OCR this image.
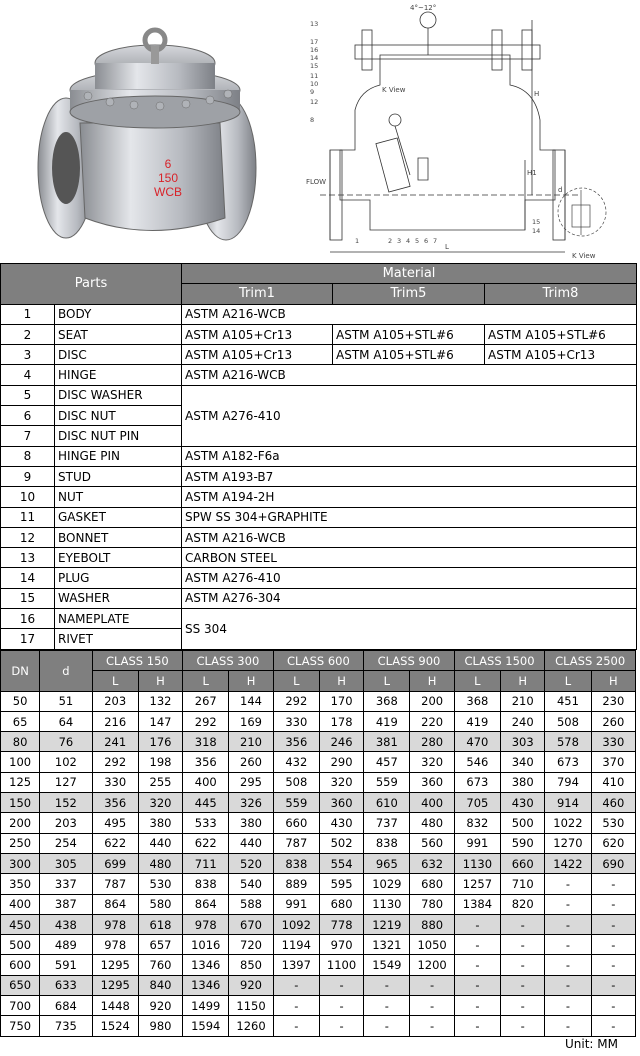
6
150
WCB
4°~12°
K View
FLOW
L
H
H1
d
K View
13
17
16
14
15
11
10
9
12
8
1	2 3 4 5 6 7
15
14
Parts		Material		
		Trim1	Trim5	Trim8
1	BODY	ASTM A216-WCB		
2	SEAT	ASTM A105+Cr13	ASTM A105+STL#6	ASTM A105+STL#6
3	DISC	ASTM A105+Cr13	ASTM A105+STL#6	ASTM A105+Cr13
4	HINGE	ASTM A216-WCB		
5	DISC WASHER	ASTM A276-410		
6	DISC NUT			
7	DISC NUT PIN			
8	HINGE PIN	ASTM A182-F6a		
9	STUD	ASTM A193-B7		
10	NUT	ASTM A194-2H		
11	GASKET	SPW SS 304+GRAPHITE		
12	BONNET	ASTM A216-WCB		
13	EYEBOLT	CARBON STEEL		
14	PLUG	ASTM A276-410		
15	WASHER	ASTM A276-304		
16	NAMEPLATE	SS 304		
17	RIVET			
DN	d	CLASS 150		CLASS 300		CLASS 600		CLASS 900		CLASS 1500		CLASS 2500	
		L	H	L	H	L	H	L	H	L	H	L	H
50	51	203	132	267	144	292	170	368	200	368	210	451	230
65	64	216	147	292	169	330	178	419	220	419	240	508	260
80	76	241	176	318	210	356	246	381	280	470	303	578	330
100	102	292	198	356	260	432	290	457	320	546	340	673	370
125	127	330	255	400	295	508	320	559	360	673	380	794	410
150	152	356	320	445	326	559	360	610	400	705	430	914	460
200	203	495	380	533	380	660	430	737	480	832	500	1022	530
250	254	622	440	622	440	787	502	838	560	991	590	1270	620
300	305	699	480	711	520	838	554	965	632	1130	660	1422	690
350	337	787	530	838	540	889	595	1029	680	1257	710	-	-
400	387	864	580	864	588	991	680	1130	780	1384	820	-	-
450	438	978	618	978	670	1092	778	1219	880	-	-	-	-
500	489	978	657	1016	720	1194	970	1321	1050	-	-	-	-
600	591	1295	760	1346	850	1397	1100	1549	1200	-	-	-	-
650	633	1295	840	1346	920	-	-	-	-	-	-	-	-
700	684	1448	920	1499	1150	-	-	-	-	-	-	-	-
750	735	1524	980	1594	1260	-	-	-	-	-	-	-	-
Unit: MM
